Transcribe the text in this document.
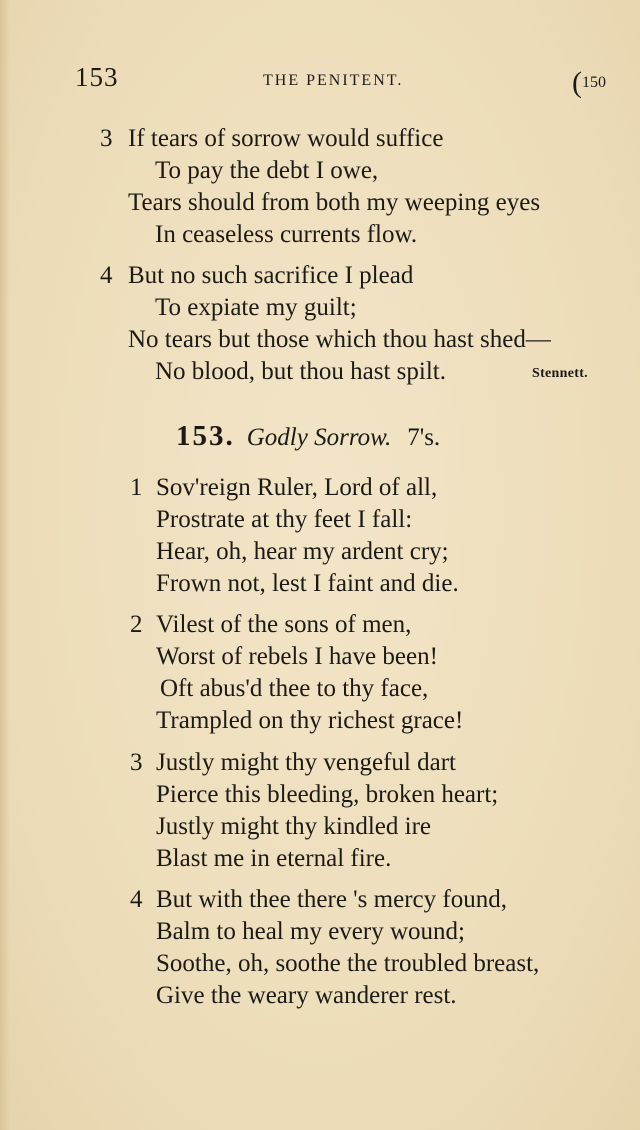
153	THE PENITENT.	(150
3 If tears of sorrow would suffice
To pay the debt I owe,
Tears should from both my weeping eyes
In ceaseless currents flow.
4 But no such sacrifice I plead
To expiate my guilt;
No tears but those which thou hast shed—
No blood, but thou hast spilt.	Stennett.
153. Godly Sorrow. 7's.
1 Sov'reign Ruler, Lord of all,
Prostrate at thy feet I fall:
Hear, oh, hear my ardent cry;
Frown not, lest I faint and die.
2 Vilest of the sons of men,
Worst of rebels I have been!
Oft abus'd thee to thy face,
Trampled on thy richest grace!
3 Justly might thy vengeful dart
Pierce this bleeding, broken heart;
Justly might thy kindled ire
Blast me in eternal fire.
4 But with thee there 's mercy found,
Balm to heal my every wound;
Soothe, oh, soothe the troubled breast,
Give the weary wanderer rest.
